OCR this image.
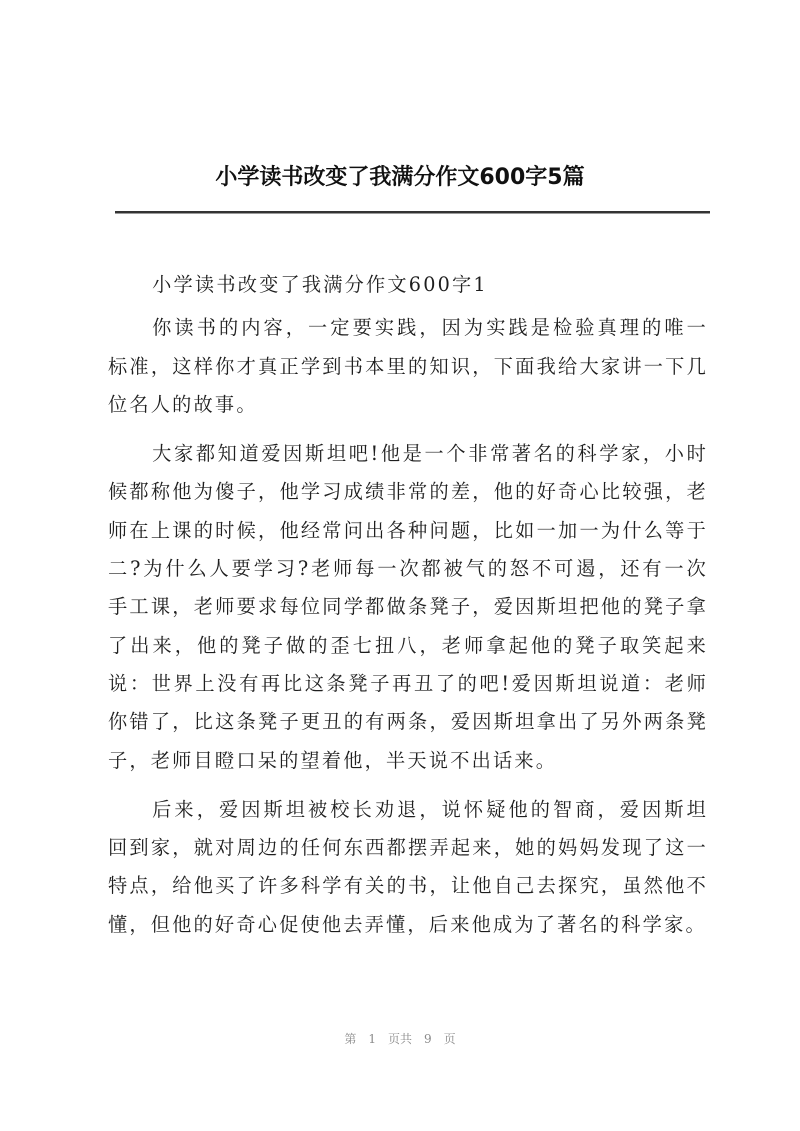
小学读书改变了我满分作文600字5篇

小学读书改变了我满分作文600字1

你读书的内容，一定要实践，因为实践是检验真理的唯一标准，这样你才真正学到书本里的知识，下面我给大家讲一下几位名人的故事。

大家都知道爱因斯坦吧!他是一个非常著名的科学家，小时候都称他为傻子，他学习成绩非常的差，他的好奇心比较强，老师在上课的时候，他经常问出各种问题，比如一加一为什么等于二?为什么人要学习?老师每一次都被气的怒不可遏，还有一次手工课，老师要求每位同学都做条凳子，爱因斯坦把他的凳子拿了出来，他的凳子做的歪七扭八，老师拿起他的凳子取笑起来说：世界上没有再比这条凳子再丑了的吧!爱因斯坦说道：老师你错了，比这条凳子更丑的有两条，爱因斯坦拿出了另外两条凳子，老师目瞪口呆的望着他，半天说不出话来。

后来，爱因斯坦被校长劝退，说怀疑他的智商，爱因斯坦回到家，就对周边的任何东西都摆弄起来，她的妈妈发现了这一特点，给他买了许多科学有关的书，让他自己去探究，虽然他不懂，但他的好奇心促使他去弄懂，后来他成为了著名的科学家。

第 1 页共 9 页
